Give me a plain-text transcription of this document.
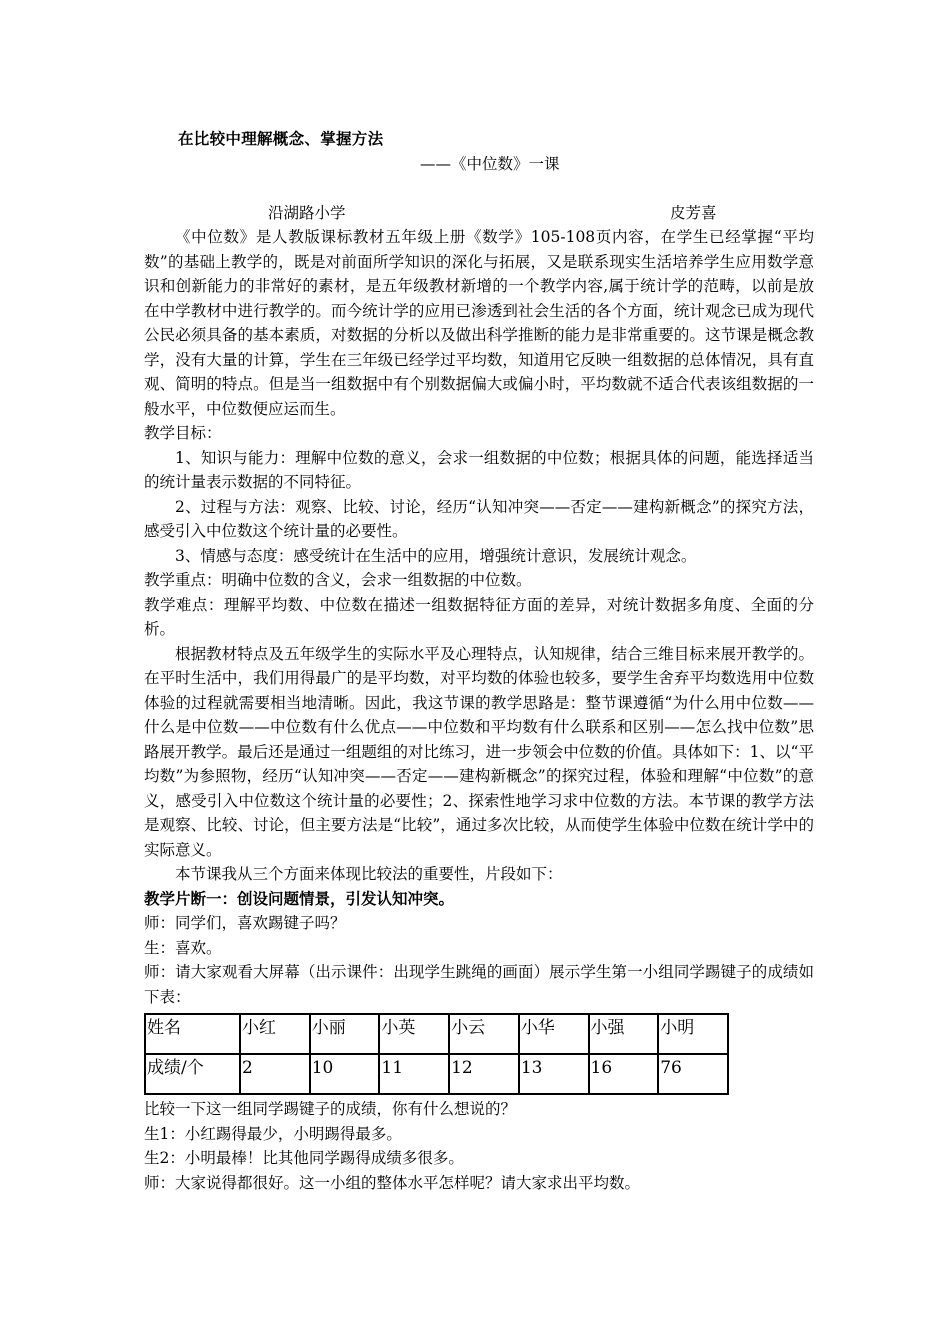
在比较中理解概念、掌握方法
——《中位数》一课
沿湖路小学	皮芳喜

《中位数》是人教版课标教材五年级上册《数学》105-108页内容，在学生已经掌握“平均数”的基础上教学的，既是对前面所学知识的深化与拓展，又是联系现实生活培养学生应用数学意识和创新能力的非常好的素材，是五年级教材新增的一个教学内容,属于统计学的范畴，以前是放在中学教材中进行教学的。而今统计学的应用已渗透到社会生活的各个方面，统计观念已成为现代公民必须具备的基本素质，对数据的分析以及做出科学推断的能力是非常重要的。这节课是概念教学，没有大量的计算，学生在三年级已经学过平均数，知道用它反映一组数据的总体情况，具有直观、简明的特点。但是当一组数据中有个别数据偏大或偏小时，平均数就不适合代表该组数据的一般水平，中位数便应运而生。

教学目标：

1、知识与能力：理解中位数的意义，会求一组数据的中位数；根据具体的问题，能选择适当的统计量表示数据的不同特征。

2、过程与方法：观察、比较、讨论，经历“认知冲突——否定——建构新概念”的探究方法，感受引入中位数这个统计量的必要性。

3、情感与态度：感受统计在生活中的应用，增强统计意识，发展统计观念。

教学重点：明确中位数的含义，会求一组数据的中位数。

教学难点：理解平均数、中位数在描述一组数据特征方面的差异，对统计数据多角度、全面的分析。

根据教材特点及五年级学生的实际水平及心理特点，认知规律，结合三维目标来展开教学的。在平时生活中，我们用得最广的是平均数，对平均数的体验也较多，要学生舍弃平均数选用中位数体验的过程就需要相当地清晰。因此，我这节课的教学思路是：整节课遵循“为什么用中位数——什么是中位数——中位数有什么优点——中位数和平均数有什么联系和区别——怎么找中位数”思路展开教学。最后还是通过一组题组的对比练习，进一步领会中位数的价值。具体如下：1、以“平均数”为参照物，经历“认知冲突——否定——建构新概念”的探究过程，体验和理解“中位数”的意义，感受引入中位数这个统计量的必要性；2、探索性地学习求中位数的方法。本节课的教学方法是观察、比较、讨论，但主要方法是“比较”，通过多次比较，从而使学生体验中位数在统计学中的实际意义。

本节课我从三个方面来体现比较法的重要性，片段如下：

教学片断一：创设问题情景，引发认知冲突。

师：同学们，喜欢踢键子吗？

生：喜欢。

师：请大家观看大屏幕（出示课件：出现学生跳绳的画面）展示学生第一小组同学踢键子的成绩如下表：

姓名	小红	小丽	小英	小云	小华	小强	小明
成绩/个	2	10	11	12	13	16	76

比较一下这一组同学踢键子的成绩，你有什么想说的？

生1：小红踢得最少，小明踢得最多。

生2：小明最棒！比其他同学踢得成绩多很多。

师：大家说得都很好。这一小组的整体水平怎样呢？请大家求出平均数。
